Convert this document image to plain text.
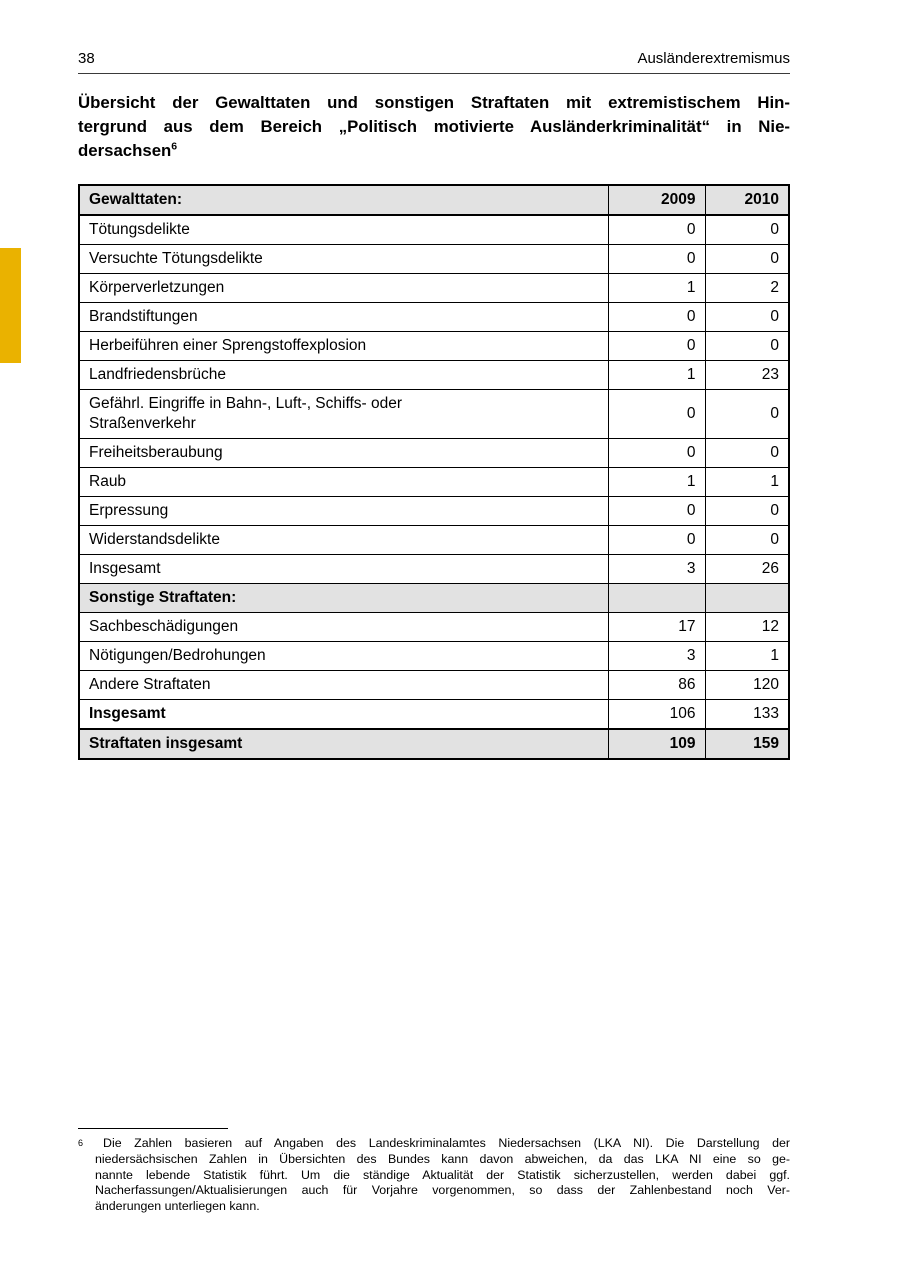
38	Ausländerextremismus
Übersicht der Gewalttaten und sonstigen Straftaten mit extremistischem Hin-
tergrund aus dem Bereich „Politisch motivierte Ausländerkriminalität“ in Nie-
dersachsen$^6$
Gewalttaten:	2009	2010
Tötungsdelikte	0	0
Versuchte Tötungsdelikte	0	0
Körperverletzungen	1	2
Brandstiftungen	0	0
Herbeiführen einer Sprengstoffexplosion	0	0
Landfriedensbrüche	1	23

Gefährl. Eingriffe in Bahn-, Luft-, Schiffs- oder
Straßenverkehr	0	0
Freiheitsberaubung	0	0
Raub	1	1
Erpressung	0	0
Widerstandsdelikte	0	0
Insgesamt	3	26
Sonstige Straftaten:		
Sachbeschädigungen	17	12
Nötigungen/Bedrohungen	3	1
Andere Straftaten	86	120
Insgesamt	106	133
Straftaten insgesamt	109	159
$^6$ Die Zahlen basieren auf Angaben des Landeskriminalamtes Niedersachsen (LKA NI). Die Darstellung der
niedersächsischen Zahlen in Übersichten des Bundes kann davon abweichen, da das LKA NI eine so ge-
nannte lebende Statistik führt. Um die ständige Aktualität der Statistik sicherzustellen, werden dabei ggf.
Nacherfassungen/Aktualisierungen auch für Vorjahre vorgenommen, so dass der Zahlenbestand noch Ver-
änderungen unterliegen kann.
